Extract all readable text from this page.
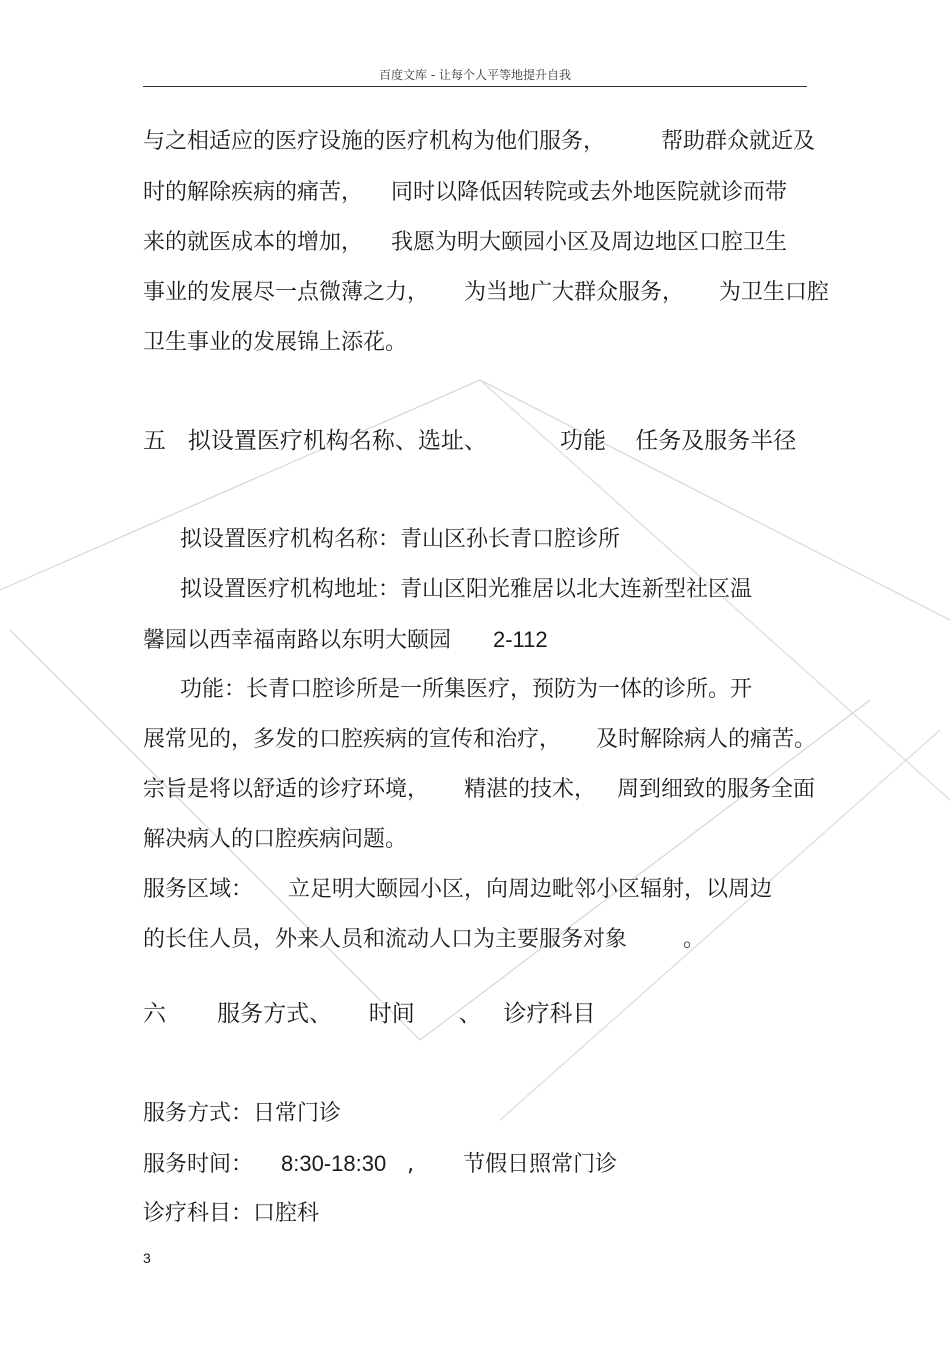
百度文库 - 让每个人平等地提升自我
与之相适应的医疗设施的医疗机构为他们服务，        帮助群众就近及
时的解除疾病的痛苦，    同时以降低因转院或去外地医院就诊而带
来的就医成本的增加，    我愿为明大颐园小区及周边地区口腔卫生
事业的发展尽一点微薄之力，     为当地广大群众服务，     为卫生口腔
卫生事业的发展锦上添花。
五   拟设置医疗机构名称、选址、          功能    任务及服务半径
拟设置医疗机构名称：青山区孙长青口腔诊所
拟设置医疗机构地址：青山区阳光雅居以北大连新型社区温
馨园以西幸福南路以东明大颐园      2-112
功能：长青口腔诊所是一所集医疗，预防为一体的诊所。开
展常见的，多发的口腔疾病的宣传和治疗，     及时解除病人的痛苦。
宗旨是将以舒适的诊疗环境，     精湛的技术，   周到细致的服务全面
解决病人的口腔疾病问题。
服务区域：     立足明大颐园小区，向周边毗邻小区辐射，以周边
的长住人员，外来人员和流动人口为主要服务对象        。
六       服务方式、     时间      、   诊疗科目
服务方式：日常门诊
服务时间：    8:30-18:30   ,       节假日照常门诊
诊疗科目：口腔科
3
